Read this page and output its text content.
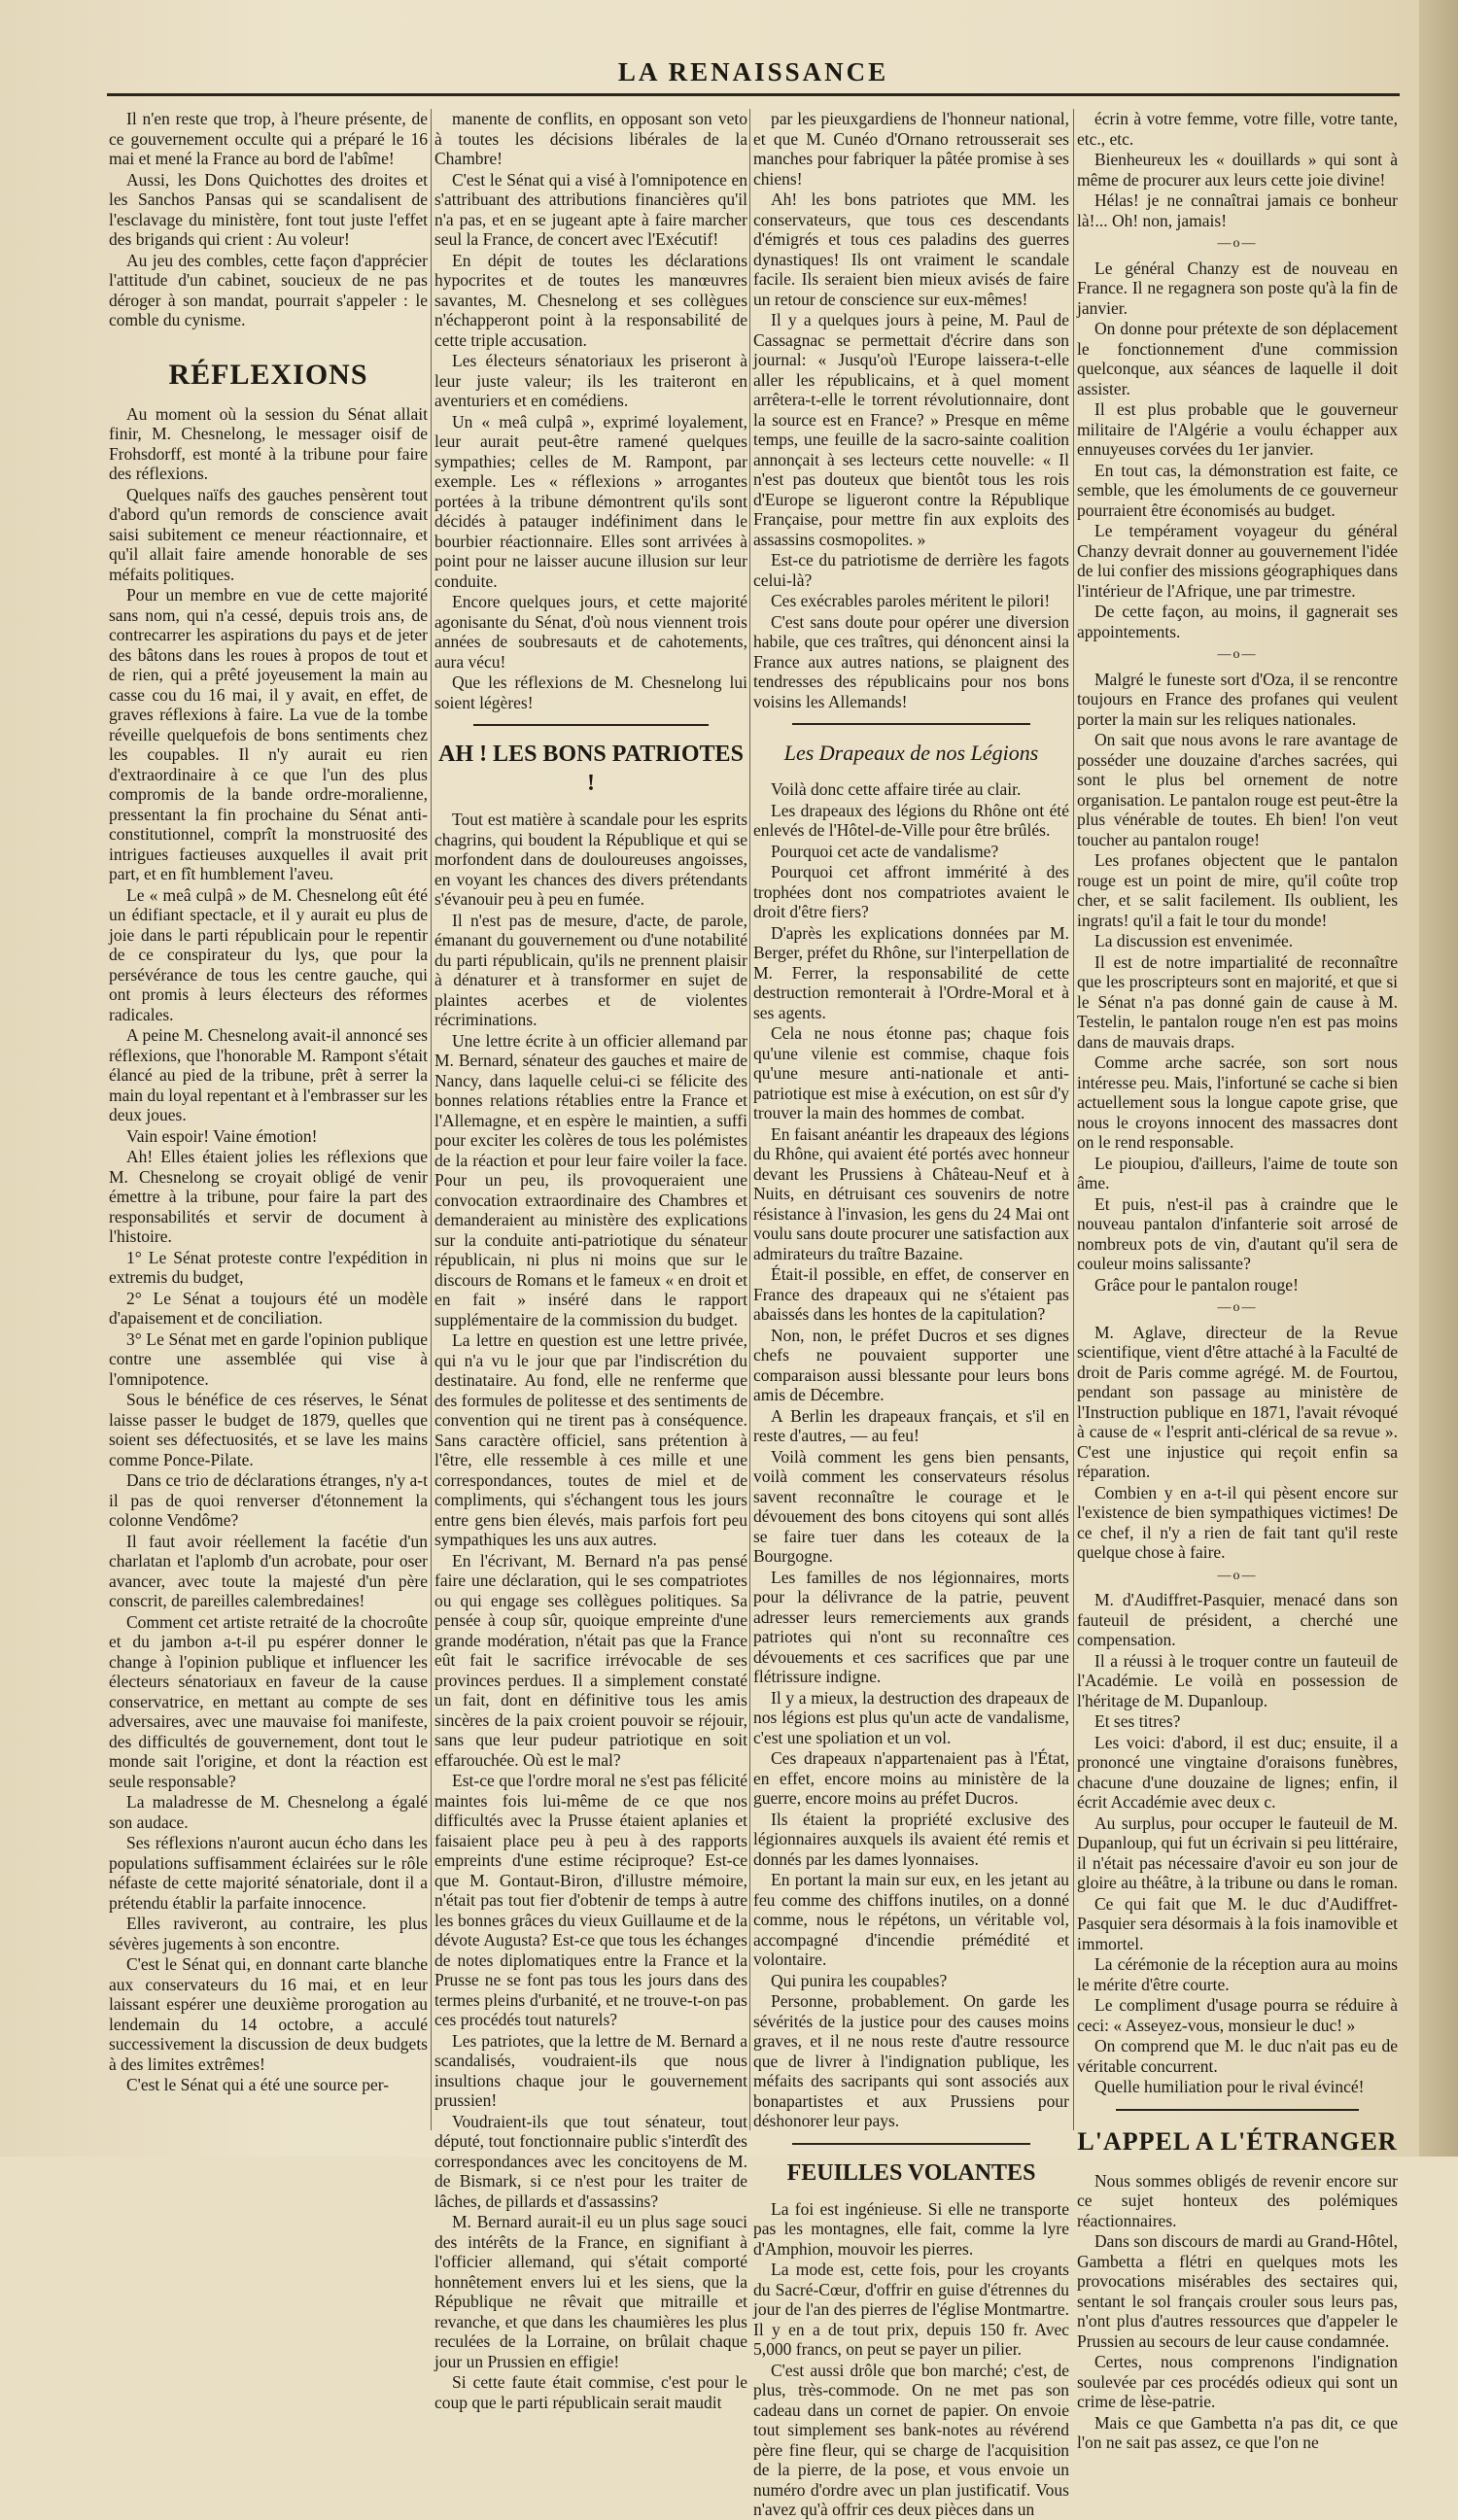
LA RENAISSANCE

Il n'en reste que trop, à l'heure présente, de ce gouvernement occulte qui a préparé le 16 mai et mené la France au bord de l'abîme!

Aussi, les Dons Quichottes des droites et les Sanchos Pansas qui se scandalisent de l'esclavage du ministère, font tout juste l'effet des brigands qui crient : Au voleur!

Au jeu des combles, cette façon d'apprécier l'attitude d'un cabinet, soucieux de ne pas déroger à son mandat, pourrait s'appeler : le comble du cynisme.

RÉFLEXIONS

Au moment où la session du Sénat allait finir, M. Chesnelong, le messager oisif de Frohsdorff, est monté à la tribune pour faire des réflexions.

Quelques naïfs des gauches pensèrent tout d'abord qu'un remords de conscience avait saisi subitement ce meneur réactionnaire, et qu'il allait faire amende honorable de ses méfaits politiques.

Pour un membre en vue de cette majorité sans nom, qui n'a cessé, depuis trois ans, de contrecarrer les aspirations du pays et de jeter des bâtons dans les roues à propos de tout et de rien, qui a prêté joyeusement la main au casse cou du 16 mai, il y avait, en effet, de graves réflexions à faire. La vue de la tombe réveille quelquefois de bons sentiments chez les coupables. Il n'y aurait eu rien d'extraordinaire à ce que l'un des plus compromis de la bande ordre-moralienne, pressentant la fin prochaine du Sénat anti-constitutionnel, comprît la monstruosité des intrigues factieuses auxquelles il avait prit part, et en fît humblement l'aveu.

Le « meâ culpâ » de M. Chesnelong eût été un édifiant spectacle, et il y aurait eu plus de joie dans le parti républicain pour le repentir de ce conspirateur du lys, que pour la persévérance de tous les centre gauche, qui ont promis à leurs électeurs des réformes radicales.

A peine M. Chesnelong avait-il annoncé ses réflexions, que l'honorable M. Rampont s'était élancé au pied de la tribune, prêt à serrer la main du loyal repentant et à l'embrasser sur les deux joues.

Vain espoir! Vaine émotion!

Ah! Elles étaient jolies les réflexions que M. Chesnelong se croyait obligé de venir émettre à la tribune, pour faire la part des responsabilités et servir de document à l'histoire.

1° Le Sénat proteste contre l'expédition in extremis du budget,

2° Le Sénat a toujours été un modèle d'apaisement et de conciliation.

3° Le Sénat met en garde l'opinion publique contre une assemblée qui vise à l'omnipotence.

Sous le bénéfice de ces réserves, le Sénat laisse passer le budget de 1879, quelles que soient ses défectuosités, et se lave les mains comme Ponce-Pilate.

Dans ce trio de déclarations étranges, n'y a-t il pas de quoi renverser d'étonnement la colonne Vendôme?

Il faut avoir réellement la facétie d'un charlatan et l'aplomb d'un acrobate, pour oser avancer, avec toute la majesté d'un père conscrit, de pareilles calembredaines!

Comment cet artiste retraité de la chocroûte et du jambon a-t-il pu espérer donner le change à l'opinion publique et influencer les électeurs sénatoriaux en faveur de la cause conservatrice, en mettant au compte de ses adversaires, avec une mauvaise foi manifeste, des difficultés de gouvernement, dont tout le monde sait l'origine, et dont la réaction est seule responsable?

La maladresse de M. Chesnelong a égalé son audace.

Ses réflexions n'auront aucun écho dans les populations suffisamment éclairées sur le rôle néfaste de cette majorité sénatoriale, dont il a prétendu établir la parfaite innocence.

Elles raviveront, au contraire, les plus sévères jugements à son encontre.

C'est le Sénat qui, en donnant carte blanche aux conservateurs du 16 mai, et en leur laissant espérer une deuxième prorogation au lendemain du 14 octobre, a acculé successivement la discussion de deux budgets à des limites extrêmes!

C'est le Sénat qui a été une source per-

manente de conflits, en opposant son veto à toutes les décisions libérales de la Chambre!

C'est le Sénat qui a visé à l'omnipotence en s'attribuant des attributions financières qu'il n'a pas, et en se jugeant apte à faire marcher seul la France, de concert avec l'Exécutif!

En dépit de toutes les déclarations hypocrites et de toutes les manœuvres savantes, M. Chesnelong et ses collègues n'échapperont point à la responsabilité de cette triple accusation.

Les électeurs sénatoriaux les priseront à leur juste valeur; ils les traiteront en aventuriers et en comédiens.

Un « meâ culpâ », exprimé loyalement, leur aurait peut-être ramené quelques sympathies; celles de M. Rampont, par exemple. Les « réflexions » arrogantes portées à la tribune démontrent qu'ils sont décidés à patauger indéfiniment dans le bourbier réactionnaire. Elles sont arrivées à point pour ne laisser aucune illusion sur leur conduite.

Encore quelques jours, et cette majorité agonisante du Sénat, d'où nous viennent trois années de soubresauts et de cahotements, aura vécu!

Que les réflexions de M. Chesnelong lui soient légères!

AH ! LES BONS PATRIOTES !

Tout est matière à scandale pour les esprits chagrins, qui boudent la République et qui se morfondent dans de douloureuses angoisses, en voyant les chances des divers prétendants s'évanouir peu à peu en fumée.

Il n'est pas de mesure, d'acte, de parole, émanant du gouvernement ou d'une notabilité du parti républicain, qu'ils ne prennent plaisir à dénaturer et à transformer en sujet de plaintes acerbes et de violentes récriminations.

Une lettre écrite à un officier allemand par M. Bernard, sénateur des gauches et maire de Nancy, dans laquelle celui-ci se félicite des bonnes relations rétablies entre la France et l'Allemagne, et en espère le maintien, a suffi pour exciter les colères de tous les polémistes de la réaction et pour leur faire voiler la face. Pour un peu, ils provoqueraient une convocation extraordinaire des Chambres et demanderaient au ministère des explications sur la conduite anti-patriotique du sénateur républicain, ni plus ni moins que sur le discours de Romans et le fameux « en droit et en fait » inséré dans le rapport supplémentaire de la commission du budget.

La lettre en question est une lettre privée, qui n'a vu le jour que par l'indiscrétion du destinataire. Au fond, elle ne renferme que des formules de politesse et des sentiments de convention qui ne tirent pas à conséquence. Sans caractère officiel, sans prétention à l'être, elle ressemble à ces mille et une correspondances, toutes de miel et de compliments, qui s'échangent tous les jours entre gens bien élevés, mais parfois fort peu sympathiques les uns aux autres.

En l'écrivant, M. Bernard n'a pas pensé faire une déclaration, qui le ses compatriotes ou qui engage ses collègues politiques. Sa pensée à coup sûr, quoique empreinte d'une grande modération, n'était pas que la France eût fait le sacrifice irrévocable de ses provinces perdues. Il a simplement constaté un fait, dont en définitive tous les amis sincères de la paix croient pouvoir se réjouir, sans que leur pudeur patriotique en soit effarouchée. Où est le mal?

Est-ce que l'ordre moral ne s'est pas félicité maintes fois lui-même de ce que nos difficultés avec la Prusse étaient aplanies et faisaient place peu à peu à des rapports empreints d'une estime réciproque? Est-ce que M. Gontaut-Biron, d'illustre mémoire, n'était pas tout fier d'obtenir de temps à autre les bonnes grâces du vieux Guillaume et de la dévote Augusta? Est-ce que tous les échanges de notes diplomatiques entre la France et la Prusse ne se font pas tous les jours dans des termes pleins d'urbanité, et ne trouve-t-on pas ces procédés tout naturels?

Les patriotes, que la lettre de M. Bernard a scandalisés, voudraient-ils que nous insultions chaque jour le gouvernement prussien!

Voudraient-ils que tout sénateur, tout député, tout fonctionnaire public s'interdît des correspondances avec les concitoyens de M. de Bismark, si ce n'est pour les traiter de lâches, de pillards et d'assassins?

M. Bernard aurait-il eu un plus sage souci des intérêts de la France, en signifiant à l'officier allemand, qui s'était comporté honnêtement envers lui et les siens, que la République ne rêvait que mitraille et revanche, et que dans les chaumières les plus reculées de la Lorraine, on brûlait chaque jour un Prussien en effigie!

Si cette faute était commise, c'est pour le coup que le parti républicain serait maudit

par les pieuxgardiens de l'honneur national, et que M. Cunéo d'Ornano retrousserait ses manches pour fabriquer la pâtée promise à ses chiens!

Ah! les bons patriotes que MM. les conservateurs, que tous ces descendants d'émigrés et tous ces paladins des guerres dynastiques! Ils ont vraiment le scandale facile. Ils seraient bien mieux avisés de faire un retour de conscience sur eux-mêmes!

Il y a quelques jours à peine, M. Paul de Cassagnac se permettait d'écrire dans son journal: « Jusqu'où l'Europe laissera-t-elle aller les républicains, et à quel moment arrêtera-t-elle le torrent révolutionnaire, dont la source est en France? » Presque en même temps, une feuille de la sacro-sainte coalition annonçait à ses lecteurs cette nouvelle: « Il n'est pas douteux que bientôt tous les rois d'Europe se ligueront contre la République Française, pour mettre fin aux exploits des assassins cosmopolites. »

Est-ce du patriotisme de derrière les fagots celui-là?

Ces exécrables paroles méritent le pilori!

C'est sans doute pour opérer une diversion habile, que ces traîtres, qui dénoncent ainsi la France aux autres nations, se plaignent des tendresses des républicains pour nos bons voisins les Allemands!

Les Drapeaux de nos Légions

Voilà donc cette affaire tirée au clair.

Les drapeaux des légions du Rhône ont été enlevés de l'Hôtel-de-Ville pour être brûlés.

Pourquoi cet acte de vandalisme?

Pourquoi cet affront immérité à des trophées dont nos compatriotes avaient le droit d'être fiers?

D'après les explications données par M. Berger, préfet du Rhône, sur l'interpellation de M. Ferrer, la responsabilité de cette destruction remonterait à l'Ordre-Moral et à ses agents.

Cela ne nous étonne pas; chaque fois qu'une vilenie est commise, chaque fois qu'une mesure anti-nationale et anti-patriotique est mise à exécution, on est sûr d'y trouver la main des hommes de combat.

En faisant anéantir les drapeaux des légions du Rhône, qui avaient été portés avec honneur devant les Prussiens à Château-Neuf et à Nuits, en détruisant ces souvenirs de notre résistance à l'invasion, les gens du 24 Mai ont voulu sans doute procurer une satisfaction aux admirateurs du traître Bazaine.

Était-il possible, en effet, de conserver en France des drapeaux qui ne s'étaient pas abaissés dans les hontes de la capitulation?

Non, non, le préfet Ducros et ses dignes chefs ne pouvaient supporter une comparaison aussi blessante pour leurs bons amis de Décembre.

A Berlin les drapeaux français, et s'il en reste d'autres, — au feu!

Voilà comment les gens bien pensants, voilà comment les conservateurs résolus savent reconnaître le courage et le dévouement des bons citoyens qui sont allés se faire tuer dans les coteaux de la Bourgogne.

Les familles de nos légionnaires, morts pour la délivrance de la patrie, peuvent adresser leurs remerciements aux grands patriotes qui n'ont su reconnaître ces dévouements et ces sacrifices que par une flétrissure indigne.

Il y a mieux, la destruction des drapeaux de nos légions est plus qu'un acte de vandalisme, c'est une spoliation et un vol.

Ces drapeaux n'appartenaient pas à l'État, en effet, encore moins au ministère de la guerre, encore moins au préfet Ducros.

Ils étaient la propriété exclusive des légionnaires auxquels ils avaient été remis et donnés par les dames lyonnaises.

En portant la main sur eux, en les jetant au feu comme des chiffons inutiles, on a donné comme, nous le répétons, un véritable vol, accompagné d'incendie prémédité et volontaire.

Qui punira les coupables?

Personne, probablement. On garde les sévérités de la justice pour des causes moins graves, et il ne nous reste d'autre ressource que de livrer à l'indignation publique, les méfaits des sacripants qui sont associés aux bonapartistes et aux Prussiens pour déshonorer leur pays.

FEUILLES VOLANTES

La foi est ingénieuse. Si elle ne transporte pas les montagnes, elle fait, comme la lyre d'Amphion, mouvoir les pierres.

La mode est, cette fois, pour les croyants du Sacré-Cœur, d'offrir en guise d'étrennes du jour de l'an des pierres de l'église Montmartre. Il y en a de tout prix, depuis 150 fr. Avec 5,000 francs, on peut se payer un pilier.

C'est aussi drôle que bon marché; c'est, de plus, très-commode. On ne met pas son cadeau dans un cornet de papier. On envoie tout simplement ses bank-notes au révérend père fine fleur, qui se charge de l'acquisition de la pierre, de la pose, et vous envoie un numéro d'ordre avec un plan justificatif. Vous n'avez qu'à offrir ces deux pièces dans un

écrin à votre femme, votre fille, votre tante, etc., etc.

Bienheureux les « douillards » qui sont à même de procurer aux leurs cette joie divine!

Hélas! je ne connaîtrai jamais ce bonheur là!... Oh! non, jamais!

—o—

Le général Chanzy est de nouveau en France. Il ne regagnera son poste qu'à la fin de janvier.

On donne pour prétexte de son déplacement le fonctionnement d'une commission quelconque, aux séances de laquelle il doit assister.

Il est plus probable que le gouverneur militaire de l'Algérie a voulu échapper aux ennuyeuses corvées du 1er janvier.

En tout cas, la démonstration est faite, ce semble, que les émoluments de ce gouverneur pourraient être économisés au budget.

Le tempérament voyageur du général Chanzy devrait donner au gouvernement l'idée de lui confier des missions géographiques dans l'intérieur de l'Afrique, une par trimestre.

De cette façon, au moins, il gagnerait ses appointements.

—o—

Malgré le funeste sort d'Oza, il se rencontre toujours en France des profanes qui veulent porter la main sur les reliques nationales.

On sait que nous avons le rare avantage de posséder une douzaine d'arches sacrées, qui sont le plus bel ornement de notre organisation. Le pantalon rouge est peut-être la plus vénérable de toutes. Eh bien! l'on veut toucher au pantalon rouge!

Les profanes objectent que le pantalon rouge est un point de mire, qu'il coûte trop cher, et se salit facilement. Ils oublient, les ingrats! qu'il a fait le tour du monde!

La discussion est envenimée.

Il est de notre impartialité de reconnaître que les proscripteurs sont en majorité, et que si le Sénat n'a pas donné gain de cause à M. Testelin, le pantalon rouge n'en est pas moins dans de mauvais draps.

Comme arche sacrée, son sort nous intéresse peu. Mais, l'infortuné se cache si bien actuellement sous la longue capote grise, que nous le croyons innocent des massacres dont on le rend responsable.

Le pioupiou, d'ailleurs, l'aime de toute son âme.

Et puis, n'est-il pas à craindre que le nouveau pantalon d'infanterie soit arrosé de nombreux pots de vin, d'autant qu'il sera de couleur moins salissante?

Grâce pour le pantalon rouge!

—o—

M. Aglave, directeur de la Revue scientifique, vient d'être attaché à la Faculté de droit de Paris comme agrégé. M. de Fourtou, pendant son passage au ministère de l'Instruction publique en 1871, l'avait révoqué à cause de « l'esprit anti-clérical de sa revue ». C'est une injustice qui reçoit enfin sa réparation.

Combien y en a-t-il qui pèsent encore sur l'existence de bien sympathiques victimes! De ce chef, il n'y a rien de fait tant qu'il reste quelque chose à faire.

—o—

M. d'Audiffret-Pasquier, menacé dans son fauteuil de président, a cherché une compensation.

Il a réussi à le troquer contre un fauteuil de l'Académie. Le voilà en possession de l'héritage de M. Dupanloup.

Et ses titres?

Les voici: d'abord, il est duc; ensuite, il a prononcé une vingtaine d'oraisons funèbres, chacune d'une douzaine de lignes; enfin, il écrit Accadémie avec deux c.

Au surplus, pour occuper le fauteuil de M. Dupanloup, qui fut un écrivain si peu littéraire, il n'était pas nécessaire d'avoir eu son jour de gloire au théâtre, à la tribune ou dans le roman.

Ce qui fait que M. le duc d'Audiffret-Pasquier sera désormais à la fois inamovible et immortel.

La cérémonie de la réception aura au moins le mérite d'être courte.

Le compliment d'usage pourra se réduire à ceci: « Asseyez-vous, monsieur le duc! »

On comprend que M. le duc n'ait pas eu de véritable concurrent.

Quelle humiliation pour le rival évincé!

L'APPEL A L'ÉTRANGER

Nous sommes obligés de revenir encore sur ce sujet honteux des polémiques réactionnaires.

Dans son discours de mardi au Grand-Hôtel, Gambetta a flétri en quelques mots les provocations misérables des sectaires qui, sentant le sol français crouler sous leurs pas, n'ont plus d'autres ressources que d'appeler le Prussien au secours de leur cause condamnée.

Certes, nous comprenons l'indignation soulevée par ces procédés odieux qui sont un crime de lèse-patrie.

Mais ce que Gambetta n'a pas dit, ce que l'on ne sait pas assez, ce que l'on ne
